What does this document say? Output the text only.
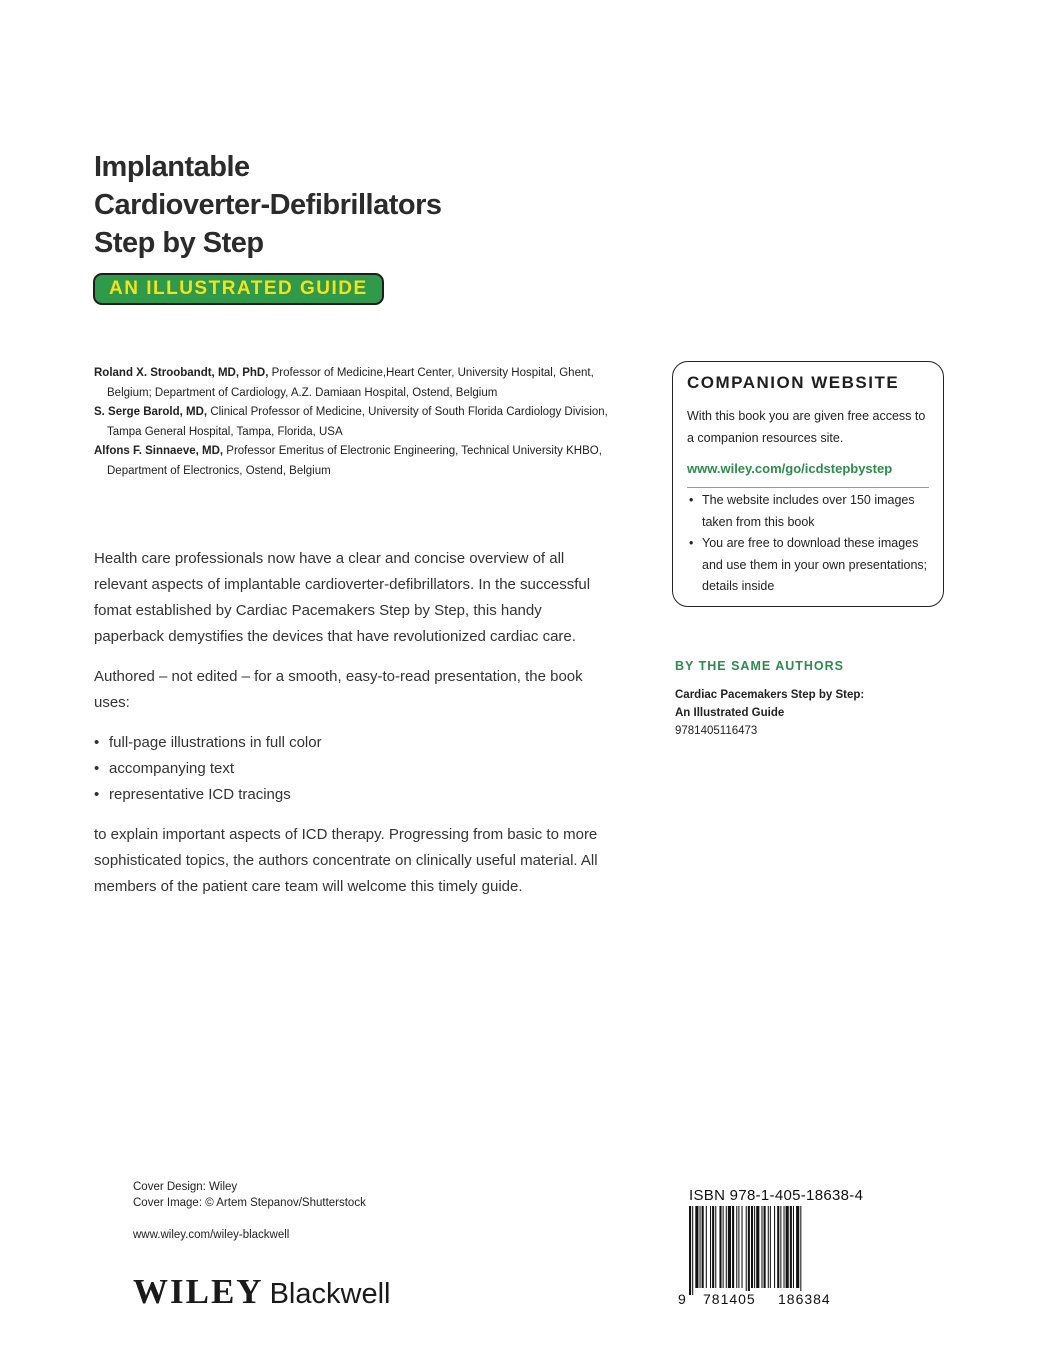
Implantable
Cardioverter-Defibrillators
Step by Step
AN ILLUSTRATED GUIDE
Roland X. Stroobandt, MD, PhD, Professor of Medicine,Heart Center, University Hospital, Ghent, Belgium; Department of Cardiology, A.Z. Damiaan Hospital, Ostend, Belgium
S. Serge Barold, MD, Clinical Professor of Medicine, University of South Florida Cardiology Division, Tampa General Hospital, Tampa, Florida, USA
Alfons F. Sinnaeve, MD, Professor Emeritus of Electronic Engineering, Technical University KHBO, Department of Electronics, Ostend, Belgium

Health care professionals now have a clear and concise overview of all relevant aspects of implantable cardioverter-defibrillators. In the successful fomat established by Cardiac Pacemakers Step by Step, this handy paperback demystifies the devices that have revolutionized cardiac care.

Authored – not edited – for a smooth, easy-to-read presentation, the book uses:

• full-page illustrations in full color
• accompanying text
• representative ICD tracings

to explain important aspects of ICD therapy. Progressing from basic to more sophisticated topics, the authors concentrate on clinically useful material. All members of the patient care team will welcome this timely guide.

COMPANION WEBSITE
With this book you are given free access to a companion resources site.
www.wiley.com/go/icdstepbystep
• The website includes over 150 images taken from this book
• You are free to download these images and use them in your own presentations; details inside
BY THE SAME AUTHORS
Cardiac Pacemakers Step by Step:
An Illustrated Guide
9781405116473
Cover Design: Wiley
Cover Image: © Artem Stepanov/Shutterstock
www.wiley.com/wiley-blackwell
WILEY Blackwell
ISBN 978-1-405-18638-4
9 781405 186384
